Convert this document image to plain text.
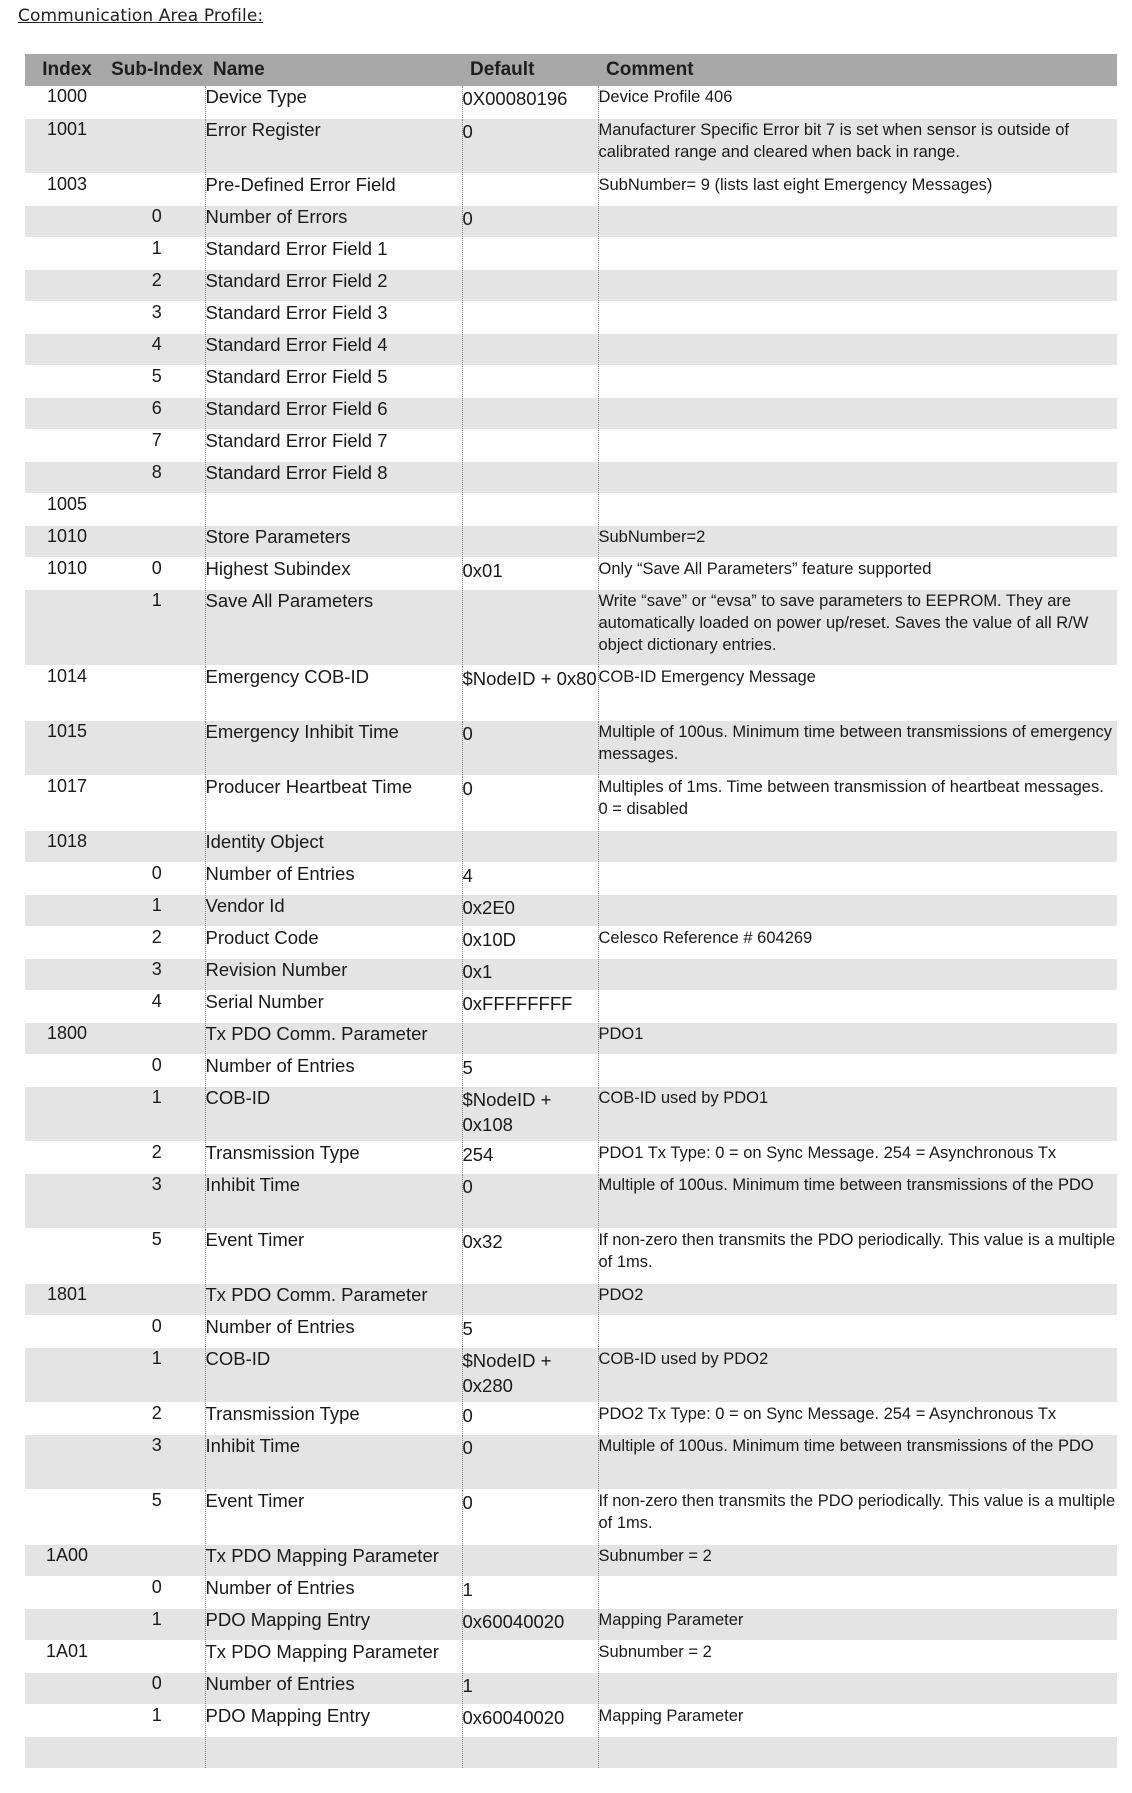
Communication Area Profile:
Index	Sub-Index	Name	Default	Comment
1000		Device Type	0X00080196	Device Profile 406
1001		Error Register	0	Manufacturer Specific Error bit 7 is set when sensor is outside of calibrated range and cleared when back in range.
1003		Pre-Defined Error Field		SubNumber= 9 (lists last eight Emergency Messages)
	0	Number of Errors	0	
	1	Standard Error Field 1		
	2	Standard Error Field 2		
	3	Standard Error Field 3		
	4	Standard Error Field 4		
	5	Standard Error Field 5		
	6	Standard Error Field 6		
	7	Standard Error Field 7		
	8	Standard Error Field 8		
1005				
1010		Store Parameters		SubNumber=2
1010	0	Highest Subindex	0x01	Only “Save All Parameters” feature supported
	1	Save All Parameters		Write “save” or “evsa” to save parameters to EEPROM. They are automatically loaded on power up/reset. Saves the value of all R/W object dictionary entries.
1014		Emergency COB-ID	$NodeID + 0x80	COB-ID Emergency Message
1015		Emergency Inhibit Time	0	Multiple of 100us. Minimum time between transmissions of emergency messages.
1017		Producer Heartbeat Time	0	Multiples of 1ms. Time between transmission of heartbeat messages. 0 = disabled
1018		Identity Object		
	0	Number of Entries	4	
	1	Vendor Id	0x2E0	
	2	Product Code	0x10D	Celesco Reference # 604269
	3	Revision Number	0x1	
	4	Serial Number	0xFFFFFFFF	
1800		Tx PDO Comm. Parameter		PDO1
	0	Number of Entries	5	
	1	COB-ID	$NodeID + 0x108	COB-ID used by PDO1
	2	Transmission Type	254	PDO1 Tx Type: 0 = on Sync Message. 254 = Asynchronous Tx
	3	Inhibit Time	0	Multiple of 100us. Minimum time between transmissions of the PDO
	5	Event Timer	0x32	If non-zero then transmits the PDO periodically. This value is a multiple of 1ms.
1801		Tx PDO Comm. Parameter		PDO2
	0	Number of Entries	5	
	1	COB-ID	$NodeID + 0x280	COB-ID used by PDO2
	2	Transmission Type	0	PDO2 Tx Type: 0 = on Sync Message. 254 = Asynchronous Tx
	3	Inhibit Time	0	Multiple of 100us. Minimum time between transmissions of the PDO
	5	Event Timer	0	If non-zero then transmits the PDO periodically. This value is a multiple of 1ms.
1A00		Tx PDO Mapping Parameter		Subnumber = 2
	0	Number of Entries	1	
	1	PDO Mapping Entry	0x60040020	Mapping Parameter
1A01		Tx PDO Mapping Parameter		Subnumber = 2
	0	Number of Entries	1	
	1	PDO Mapping Entry	0x60040020	Mapping Parameter
